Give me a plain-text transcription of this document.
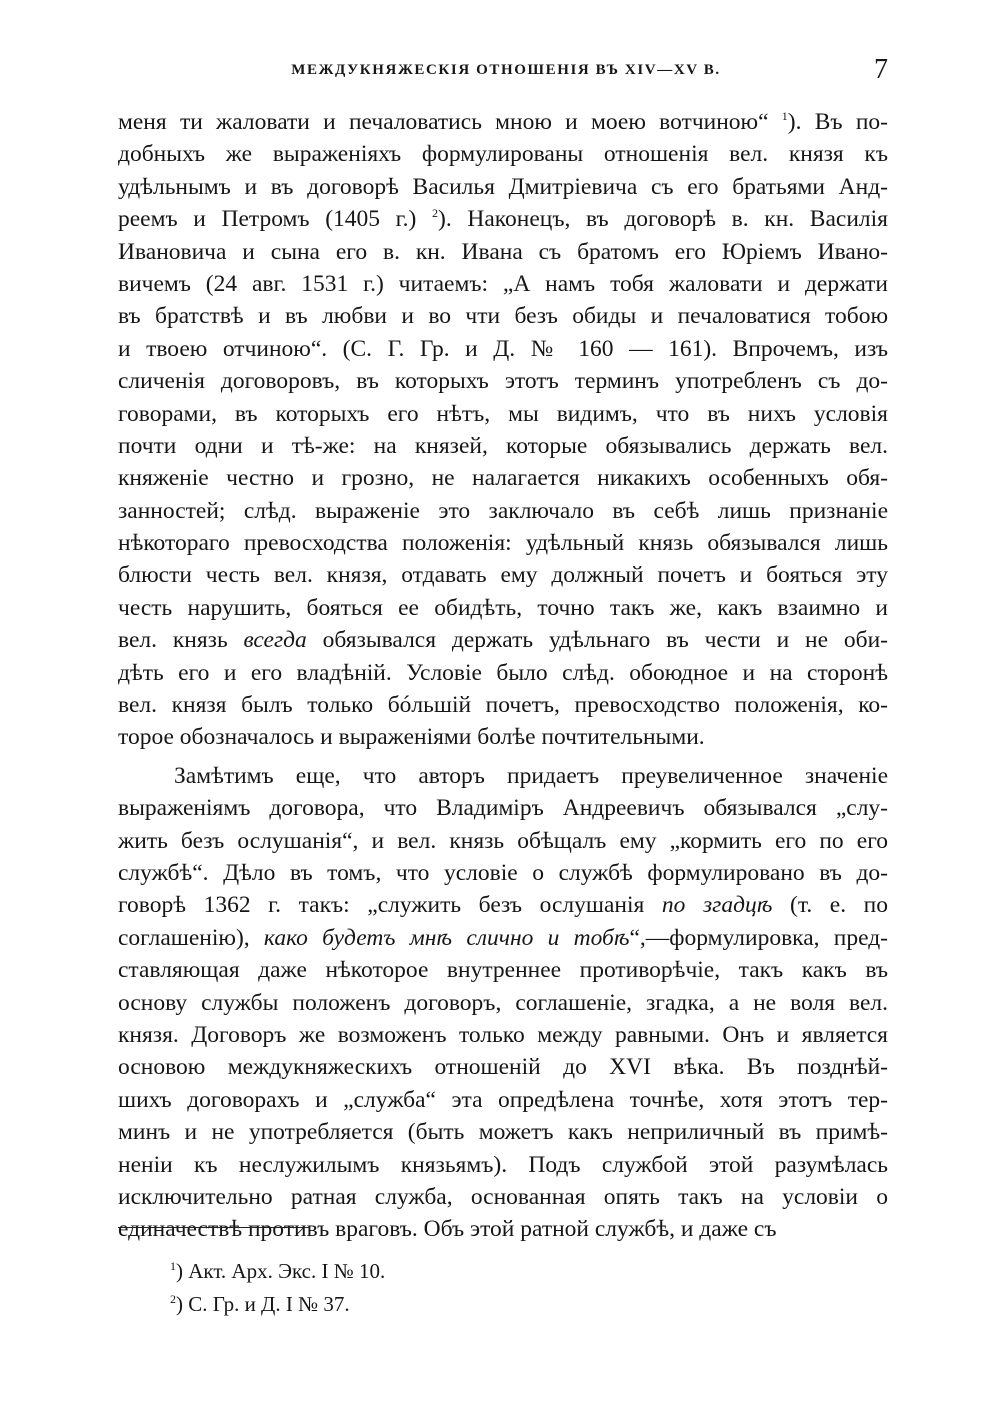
МЕЖДУКНЯЖЕСКІЯ ОТНОШЕНІЯ ВЪ XIV—XV В.	7
меня ти жаловати и печаловатись мною и моею вотчиною“ $^1$). Въ по-
добныхъ же выраженіяхъ формулированы отношенія вел. князя къ
удѣльнымъ и въ договорѣ Василья Дмитріевича съ его братьями Анд-
реемъ и Петромъ (1405 г.) $^2$). Наконецъ, въ договорѣ в. кн. Василія
Ивановича и сына его в. кн. Ивана съ братомъ его Юріемъ Ивано-
вичемъ (24 авг. 1531 г.) читаемъ: „А намъ тобя жаловати и держати
въ братствѣ и въ любви и во чти безъ обиды и печаловатися тобою
и твоею отчиною“. (С. Г. Гр. и Д. № 160 — 161). Впрочемъ, изъ
сличенія договоровъ, въ которыхъ этотъ терминъ употребленъ съ до-
говорами, въ которыхъ его нѣтъ, мы видимъ, что въ нихъ условія
почти одни и тѣ-же: на князей, которые обязывались держать вел.
княженіе честно и грозно, не налагается никакихъ особенныхъ обя-
занностей; слѣд. выраженіе это заключало въ себѣ лишь признаніе
нѣкотораго превосходства положенія: удѣльный князь обязывался лишь
блюсти честь вел. князя, отдавать ему должный почетъ и бояться эту
честь нарушить, бояться ее обидѣть, точно такъ же, какъ взаимно и
вел. князь всегда обязывался держать удѣльнаго въ чести и не оби-
дѣть его и его владѣній. Условіе было слѣд. обоюдное и на сторонѣ
вел. князя былъ только бóльшій почетъ, превосходство положенія, ко-
торое обозначалось и выраженіями болѣе почтительными.
Замѣтимъ еще, что авторъ придаетъ преувеличенное значеніе
выраженіямъ договора, что Владиміръ Андреевичъ обязывался „слу-
жить безъ ослушанія“, и вел. князь обѣщалъ ему „кормить его по его
службѣ“. Дѣло въ томъ, что условіе о службѣ формулировано въ до-
говорѣ 1362 г. такъ: „служить безъ ослушанія по згадцѣ (т. е. по
соглашенію), како будетъ мнѣ слично и тобѣ“,—формулировка, пред-
ставляющая даже нѣкоторое внутреннее противорѣчіе, такъ какъ въ
основу службы положенъ договоръ, соглашеніе, згадка, а не воля вел.
князя. Договоръ же возможенъ только между равными. Онъ и является
основою междукняжескихъ отношеній до XVI вѣка. Въ позднѣй-
шихъ договорахъ и „служба“ эта опредѣлена точнѣе, хотя этотъ тер-
минъ и не употребляется (быть можетъ какъ неприличный въ примѣ-
неніи къ неслужилымъ князьямъ). Подъ службой этой разумѣлась
исключительно ратная служба, основанная опять такъ на условіи о
единачествѣ противъ враговъ. Объ этой ратной службѣ, и даже съ
$^1$) Акт. Арх. Экс. I № 10.
$^2$) С. Гр. и Д. I № 37.
